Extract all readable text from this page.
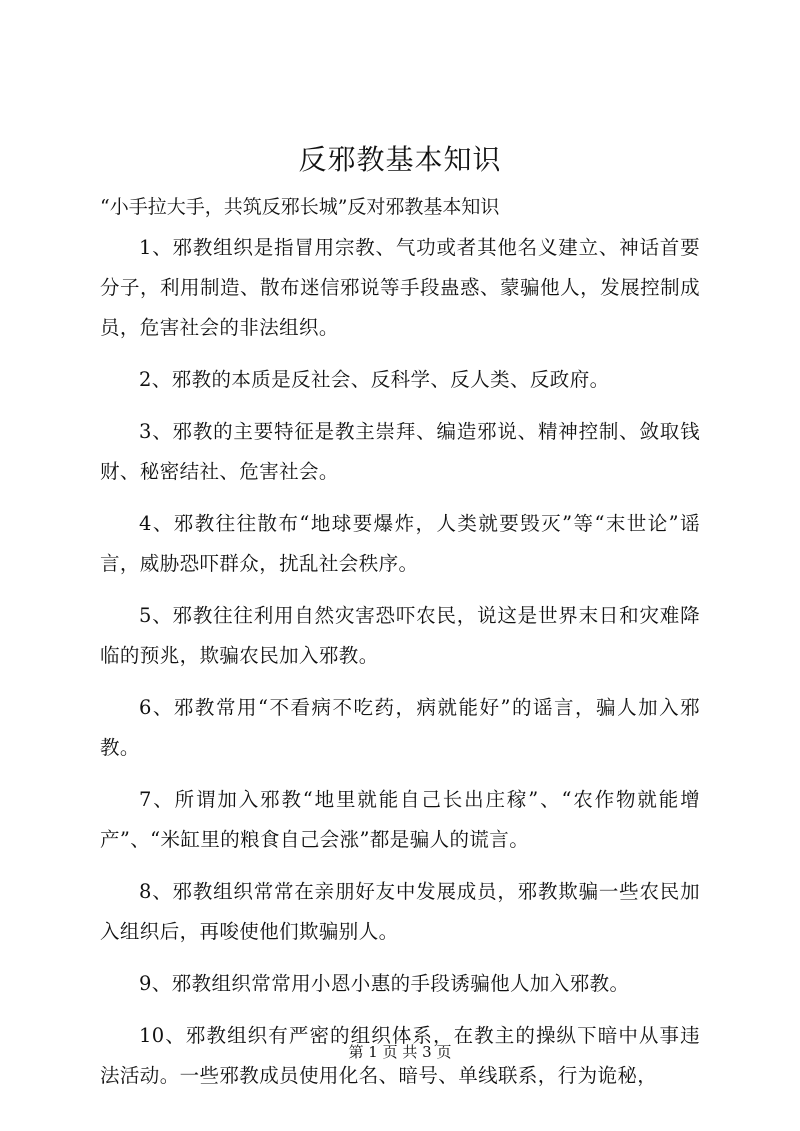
反邪教基本知识
“小手拉大手，共筑反邪长城”反对邪教基本知识

1、邪教组织是指冒用宗教、气功或者其他名义建立、神话首要分子，利用制造、散布迷信邪说等手段蛊惑、蒙骗他人，发展控制成员，危害社会的非法组织。

2、邪教的本质是反社会、反科学、反人类、反政府。

3、邪教的主要特征是教主崇拜、编造邪说、精神控制、敛取钱财、秘密结社、危害社会。

4、邪教往往散布“地球要爆炸，人类就要毁灭”等“末世论”谣言，威胁恐吓群众，扰乱社会秩序。

5、邪教往往利用自然灾害恐吓农民，说这是世界末日和灾难降临的预兆，欺骗农民加入邪教。

6、邪教常用“不看病不吃药，病就能好”的谣言，骗人加入邪教。

7、所谓加入邪教“地里就能自己长出庄稼”、“农作物就能增产”、“米缸里的粮食自己会涨”都是骗人的谎言。

8、邪教组织常常在亲朋好友中发展成员，邪教欺骗一些农民加入组织后，再唆使他们欺骗别人。

9、邪教组织常常用小恩小惠的手段诱骗他人加入邪教。

10、邪教组织有严密的组织体系，在教主的操纵下暗中从事违法活动。一些邪教成员使用化名、暗号、单线联系，行为诡秘，

第 1 页 共 3 页
